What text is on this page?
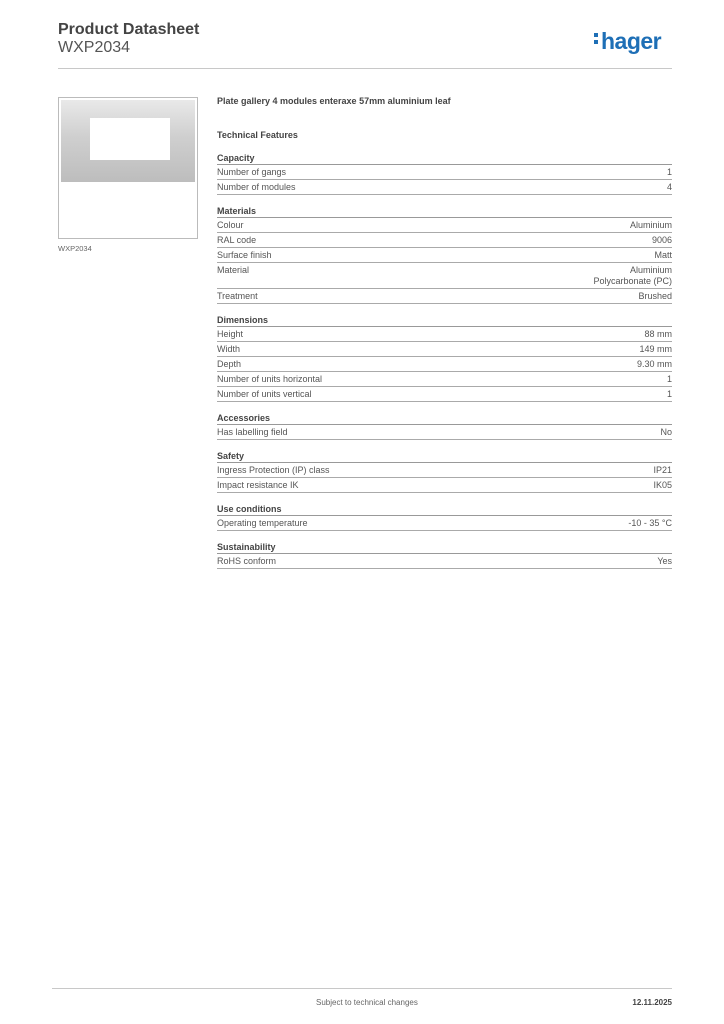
Product Datasheet
WXP2034	hager
WXP2034
Plate gallery 4 modules enteraxe 57mm aluminium leaf
Technical Features
Capacity
Number of gangs	1
Number of modules	4
Materials
Colour	Aluminium
RAL code	9006
Surface finish	Matt
Material	Aluminium
Polycarbonate (PC)
Treatment	Brushed
Dimensions
Height	88 mm
Width	149 mm
Depth	9.30 mm
Number of units horizontal	1
Number of units vertical	1
Accessories
Has labelling field	No
Safety
Ingress Protection (IP) class	IP21
Impact resistance IK	IK05
Use conditions
Operating temperature	-10 - 35 °C
Sustainability
RoHS conform	Yes
Subject to technical changes	12.11.2025
